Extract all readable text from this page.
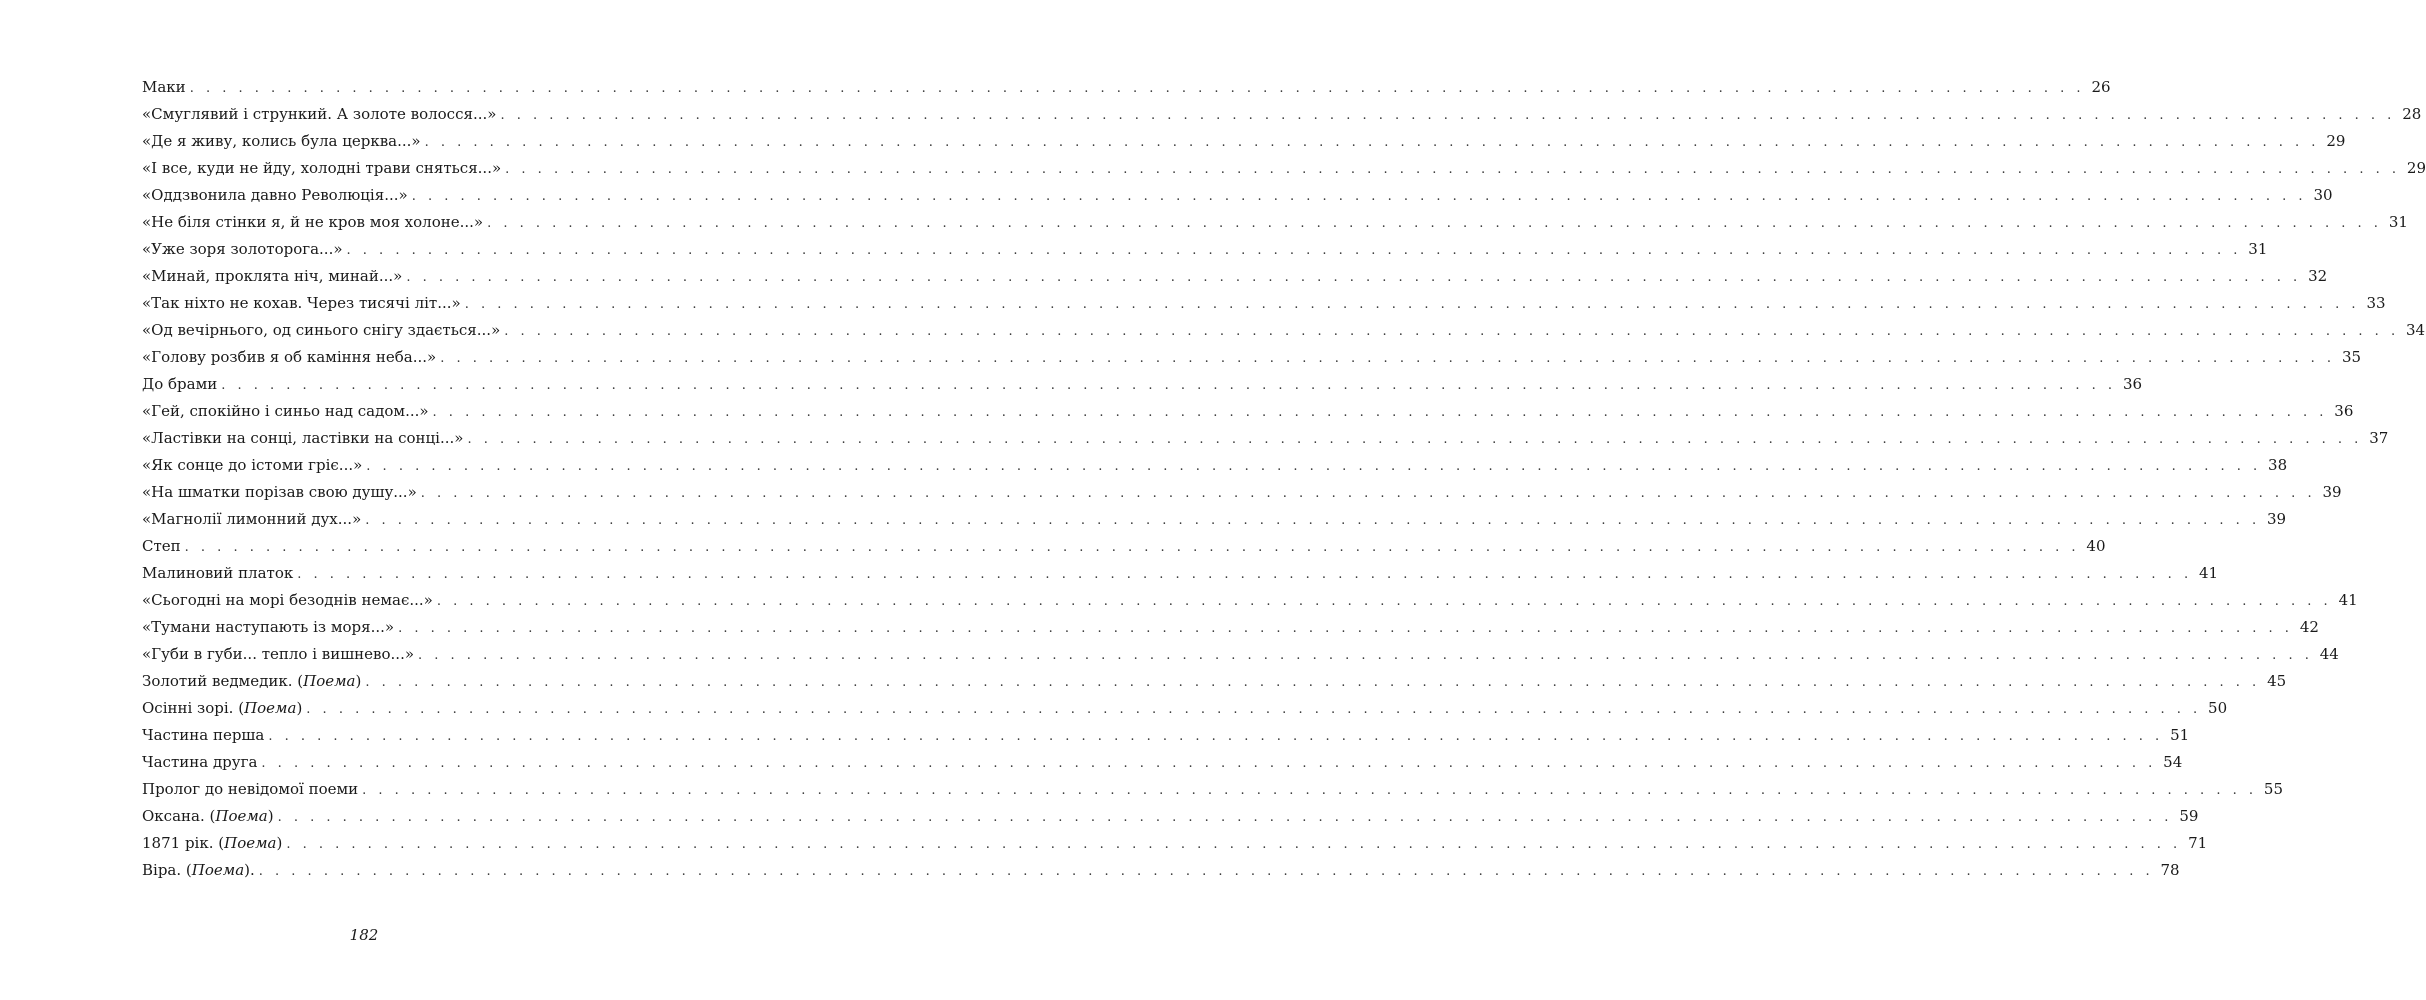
Маки . . .	26
«Смуглявий і стрункий. А золоте волосся...» . . .	28
«Де я живу, колись була церква...» . . .	29
«І все, куди не йду, холодні трави сняться...» . . .	29
«Оддзвонила давно Революція...» . . .	30
«Не біля стінки я, й не кров моя холоне...» . . .	31
«Уже зоря золоторога...» . . .	31
«Минай, проклята ніч, минай...» . . .	32
«Так ніхто не кохав. Через тисячі літ...» . . .	33
«Од вечірнього, од синього снігу здається...» . . .	34
«Голову розбив я об каміння неба...» . . .	35
До брами . . .	36
«Гей, спокійно і синьо над садом...» . . .	36
«Ластівки на сонці, ластівки на сонці...» . . .	37
«Як сонце до істоми гріє...» . . .	38
«На шматки порізав свою душу...» . . .	39
«Магнолії лимонний дух...» . . .	39
Степ . . .	40
Малиновий платок . . .	41
«Сьогодні на морі безоднів немає...» . . .	41
«Тумани наступають із моря...» . . .	42
«Губи в губи... тепло і вишнево...» . . .	44
Золотий ведмедик. (Поема) . . .	45
Осінні зорі. (Поема) . . .	50
Частина перша . . .	51
Частина друга . . .	54
Пролог до невідомої поеми . . .	55
Оксана. (Поема) . . .	59
1871 рік. (Поема) . . .	71
Віра. (Поема). . . .	78
182
